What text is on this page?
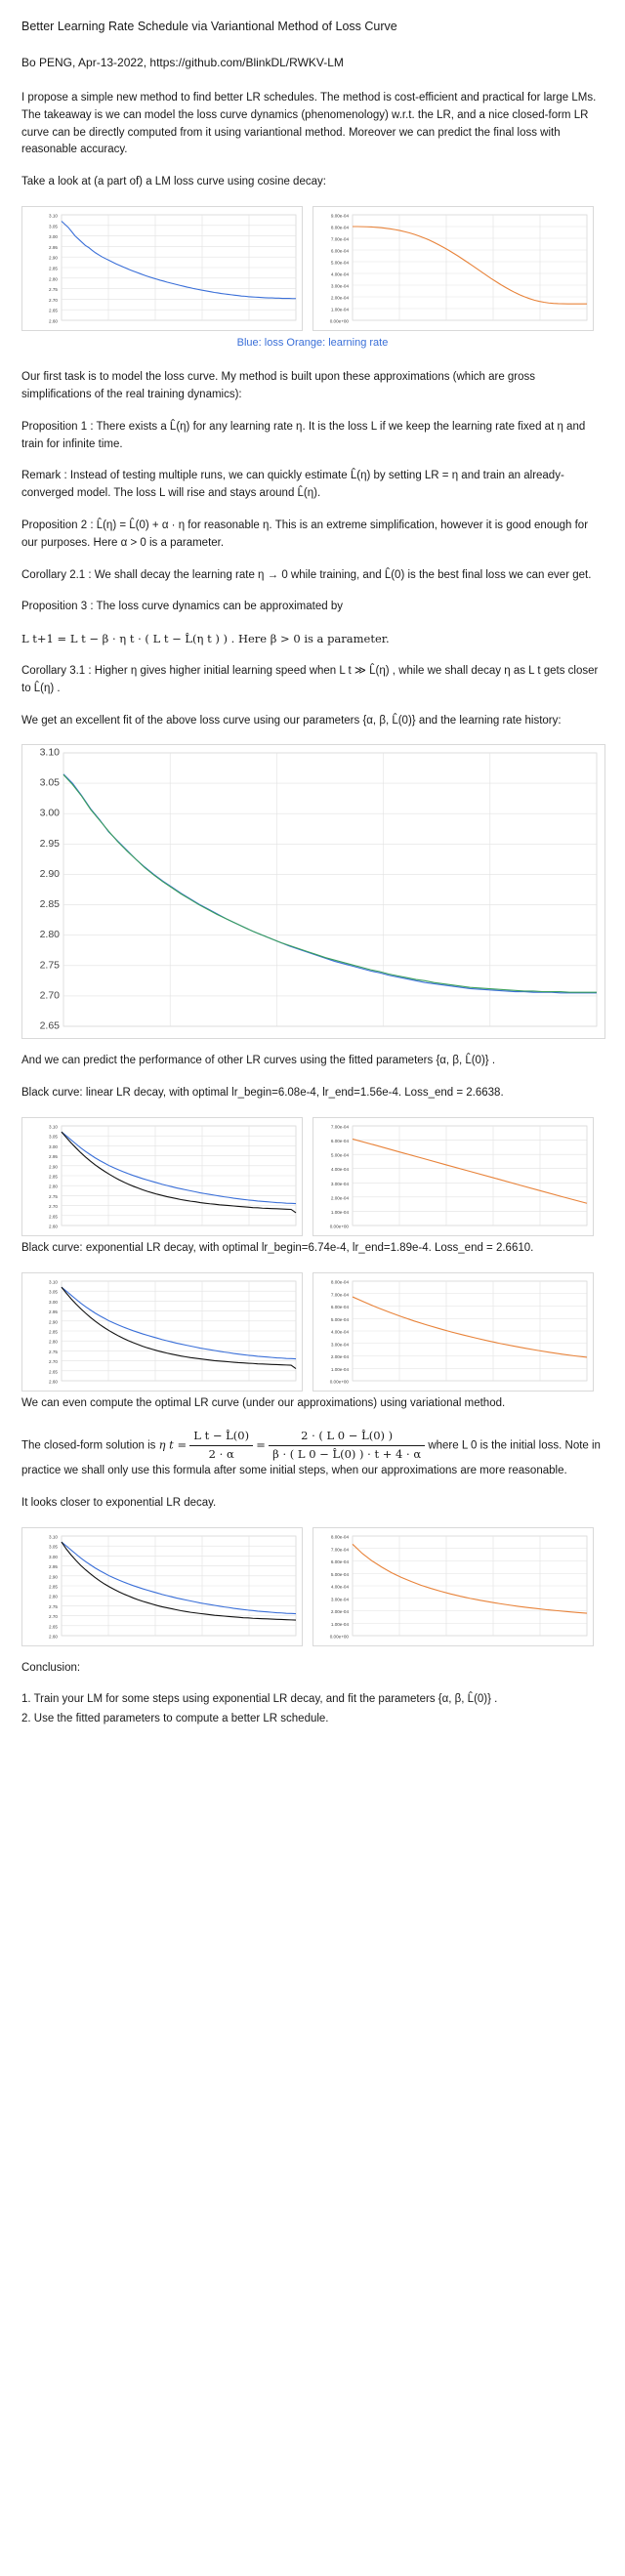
Better Learning Rate Schedule via Variantional Method of Loss Curve
Bo PENG, Apr-13-2022, https://github.com/BlinkDL/RWKV-LM

I propose a simple new method to find better LR schedules. The method is cost-efficient and practical for large LMs. The takeaway is we can model the loss curve dynamics (phenomenology) w.r.t. the LR, and a nice closed-form LR curve can be directly computed from it using variantional method. Moreover we can predict the final loss with reasonable accuracy.

Take a look at (a part of) a LM loss curve using cosine decay:

2.60
2.65
2.70
2.75
2.80
2.85
2.90
2.95
3.00
3.05
3.10
0.00e+00
1.00e-04
2.00e-04
3.00e-04
4.00e-04
5.00e-04
6.00e-04
7.00e-04
8.00e-04
9.00e-04
Blue: loss Orange: learning rate

Our first task is to model the loss curve. My method is built upon these approximations (which are gross simplifications of the real training dynamics):

Proposition 1 : There exists a L̂(η) for any learning rate η. It is the loss L if we keep the learning rate fixed at η and train for infinite time.

Remark : Instead of testing multiple runs, we can quickly estimate L̂(η) by setting LR = η and train an already-converged model. The loss L will rise and stays around L̂(η).

Proposition 2 : L̂(η) = L̂(0) + α · η for reasonable η. This is an extreme simplification, however it is good enough for our purposes. Here α > 0 is a parameter.

Corollary 2.1 : We shall decay the learning rate η → 0 while training, and L̂(0) is the best final loss we can ever get.

Proposition 3 : The loss curve dynamics can be approximated by

L t+1 = L t − β · η t · ( L t − L̂(η t ) ) . Here β > 0 is a parameter.

Corollary 3.1 : Higher η gives higher initial learning speed when L t ≫ L̂(η) , while we shall decay η as L t gets closer to L̂(η) .

We get an excellent fit of the above loss curve using our parameters {α, β, L̂(0)} and the learning rate history:

2.65
2.70
2.75
2.80
2.85
2.90
2.95
3.00
3.05
3.10

And we can predict the performance of other LR curves using the fitted parameters {α, β, L̂(0)} .

Black curve: linear LR decay, with optimal lr_begin=6.08e-4, lr_end=1.56e-4. Loss_end = 2.6638.

2.60
2.65
2.70
2.75
2.80
2.85
2.90
2.95
3.00
3.05
3.10
0.00e+00
1.00e-04
2.00e-04
3.00e-04
4.00e-04
5.00e-04
6.00e-04
7.00e-04

Black curve: exponential LR decay, with optimal lr_begin=6.74e-4, lr_end=1.89e-4. Loss_end = 2.6610.

2.60
2.65
2.70
2.75
2.80
2.85
2.90
2.95
3.00
3.05
3.10
0.00e+00
1.00e-04
2.00e-04
3.00e-04
4.00e-04
5.00e-04
6.00e-04
7.00e-04
8.00e-04

We can even compute the optimal LR curve (under our approximations) using variational method.

The closed-form solution is η $t = \frac{\text{L t − L̂(0)}}{2 \cdot \alpha} = \frac{2 \cdot ( L 0 - L̂(0) )}{\beta \cdot ( L 0 - L̂(0) ) \cdot t + 4 \cdot \alpha}$ where L 0 is the initial loss. Note in practice we shall only use this formula after some initial steps, when our approximations are more reasonable.

It looks closer to exponential LR decay.

2.60
2.65
2.70
2.75
2.80
2.85
2.90
2.95
3.00
3.05
3.10
0.00e+00
1.00e-04
2.00e-04
3.00e-04
4.00e-04
5.00e-04
6.00e-04
7.00e-04
8.00e-04
Conclusion:
1. Train your LM for some steps using exponential LR decay, and fit the parameters {α, β, L̂(0)} .
2. Use the fitted parameters to compute a better LR schedule.
